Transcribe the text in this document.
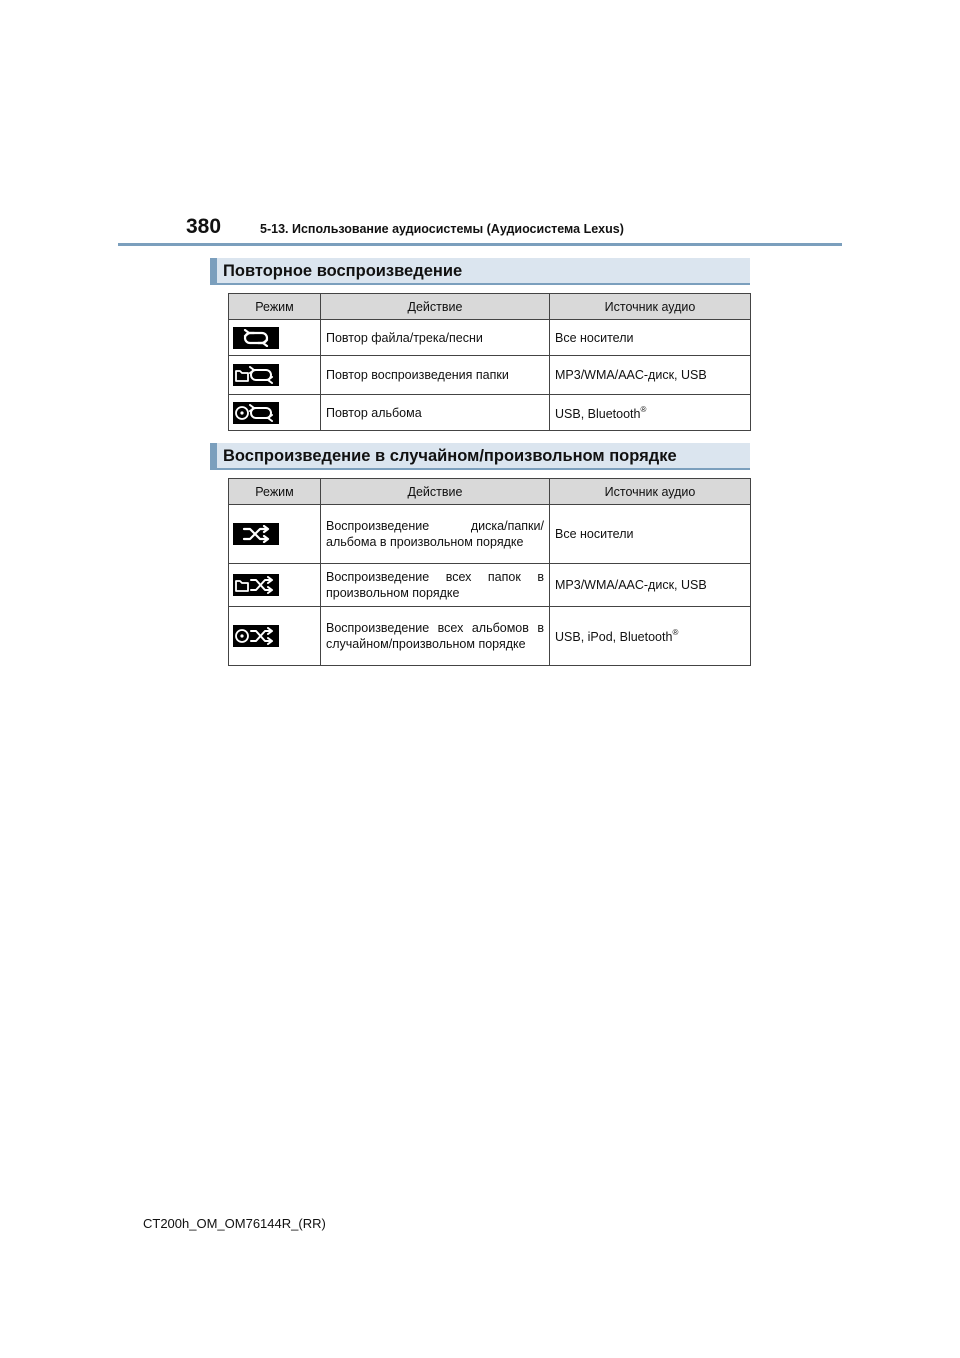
380	5-13. Использование аудиосистемы (Аудиосистема Lexus)
Повторное воспроизведение
Режим	Действие	Источник аудио

	Повтор файла/трека/песни	Все носители

	Повтор воспроизведения папки	MP3/WMA/AAC-диск, USB

	Повтор альбома	USB, Bluetooth®
Воспроизведение в случайном/произвольном порядке
Режим	Действие	Источник аудио

	Воспроизведение диска/папки/ альбома в произвольном порядке	Все носители

	Воспроизведение всех папок в произвольном порядке	MP3/WMA/AAC-диск, USB

	Воспроизведение всех альбомов в случайном/произвольном порядке	USB, iPod, Bluetooth®
CT200h_OM_OM76144R_(RR)
